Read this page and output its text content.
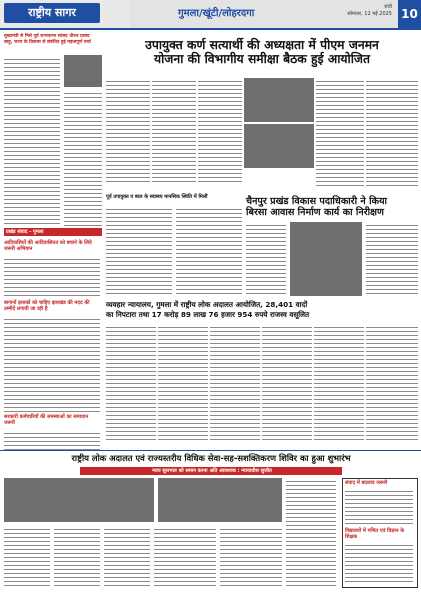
राष्ट्रीय सागर	गुमला/खूंटी/लोहरदगा
रांची
सोमवार, 12 मई 2025 10
मुख्यमंत्री से मिले पूर्व राज्यसभा सांसद धीरज प्रसाद साहू, राज्य के विकास से संबंधित हुई महत्वपूर्ण चर्चा
प्रखंड संवाद - गुमला
आदिवासियों की आदिवासियत को बचाने के लिये जरूरी अभियान
बागानों इलाकों को चाहिए झारखंड की मदद की उम्मीदें लगायी जा रही है
सरकारी कर्मचारियों की समस्याओं का समाधान जरूरी
उपायुक्त कर्ण सत्यार्थी की अध्यक्षता में पीएम जनमन
योजना की विभागीय समीक्षा बैठक हुई आयोजित
पूर्व उपायुक्त व बाल के स्वास्थ्य मानसिक स्थिति में मिलीं	चैनपुर प्रखंड विकास पदाधिकारी ने किया
बिरसा आवास निर्माण कार्य का निरीक्षण
व्यवहार न्यायालय, गुमला में राष्ट्रीय लोक अदालत आयोजित, 28,401 वादों
का निपटारा तथा 17 करोड़ 89 लाख 76 हजार 954 रुपये राजस्व वसूलित
राष्ट्रीय लोक अदालत एवं राज्यस्तरीय विधिक सेवा-सह-सशक्तिकरण शिविर का हुआ शुभारंभ
न्याय सुलभता को समान करना अति आवश्यक : न्यायाधीश सुजीत
संवाद में बदलाव जरूरी
विद्यालयों में गणित एवं विज्ञान के शिक्षक
